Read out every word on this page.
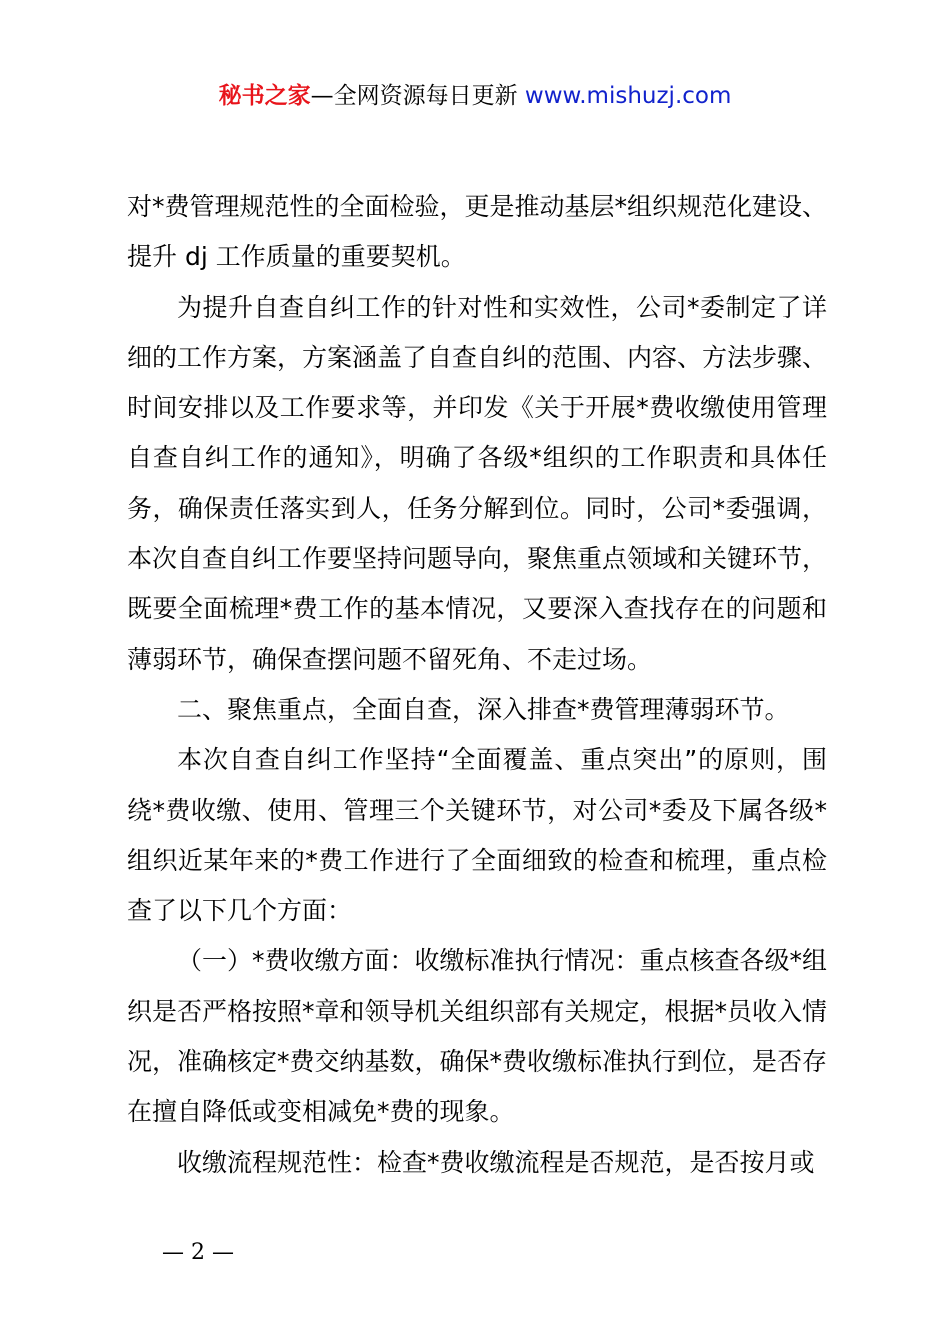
秘书之家—全网资源每日更新 www.mishuzj.com

对*费管理规范性的全面检验，更是推动基层*组织规范化建设、提升 dj 工作质量的重要契机。

为提升自查自纠工作的针对性和实效性，公司*委制定了详细的工作方案，方案涵盖了自查自纠的范围、内容、方法步骤、时间安排以及工作要求等，并印发《关于开展*费收缴使用管理自查自纠工作的通知》，明确了各级*组织的工作职责和具体任务，确保责任落实到人，任务分解到位。同时，公司*委强调，本次自查自纠工作要坚持问题导向，聚焦重点领域和关键环节，既要全面梳理*费工作的基本情况，又要深入查找存在的问题和薄弱环节，确保查摆问题不留死角、不走过场。

二、聚焦重点，全面自查，深入排查*费管理薄弱环节。

本次自查自纠工作坚持“全面覆盖、重点突出”的原则，围绕*费收缴、使用、管理三个关键环节，对公司*委及下属各级*组织近某年来的*费工作进行了全面细致的检查和梳理，重点检查了以下几个方面：

（一）*费收缴方面：收缴标准执行情况：重点核查各级*组织是否严格按照*章和领导机关组织部有关规定，根据*员收入情况，准确核定*费交纳基数，确保*费收缴标准执行到位，是否存在擅自降低或变相减免*费的现象。

收缴流程规范性：检查*费收缴流程是否规范，是否按月或

— 2 —
